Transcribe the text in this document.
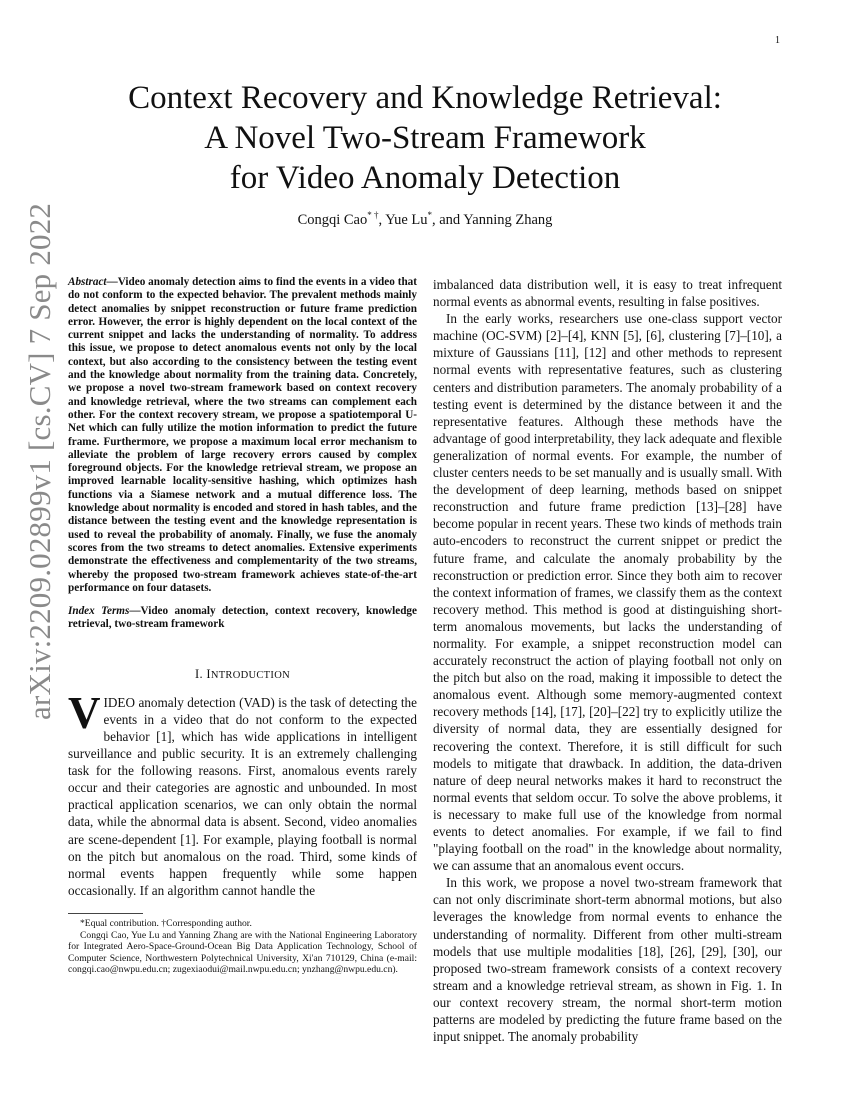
1
arXiv:2209.02899v1 [cs.CV] 7 Sep 2022
Context Recovery and Knowledge Retrieval:
A Novel Two-Stream Framework
for Video Anomaly Detection
Congqi Cao* †, Yue Lu*, and Yanning Zhang

Abstract—Video anomaly detection aims to find the events in a video that do not conform to the expected behavior. The prevalent methods mainly detect anomalies by snippet reconstruction or future frame prediction error. However, the error is highly dependent on the local context of the current snippet and lacks the understanding of normality. To address this issue, we propose to detect anomalous events not only by the local context, but also according to the consistency between the testing event and the knowledge about normality from the training data. Concretely, we propose a novel two-stream framework based on context recovery and knowledge retrieval, where the two streams can complement each other. For the context recovery stream, we propose a spatiotemporal U-Net which can fully utilize the motion information to predict the future frame. Furthermore, we propose a maximum local error mechanism to alleviate the problem of large recovery errors caused by complex foreground objects. For the knowledge retrieval stream, we propose an improved learnable locality-sensitive hashing, which optimizes hash functions via a Siamese network and a mutual difference loss. The knowledge about normality is encoded and stored in hash tables, and the distance between the testing event and the knowledge representation is used to reveal the probability of anomaly. Finally, we fuse the anomaly scores from the two streams to detect anomalies. Extensive experiments demonstrate the effectiveness and complementarity of the two streams, whereby the proposed two-stream framework achieves state-of-the-art performance on four datasets.

Index Terms—Video anomaly detection, context recovery, knowledge retrieval, two-stream framework

I. INTRODUCTION

VIDEO anomaly detection (VAD) is the task of detecting the events in a video that do not conform to the expected behavior [1], which has wide applications in intelligent surveillance and public security. It is an extremely challenging task for the following reasons. First, anomalous events rarely occur and their categories are agnostic and unbounded. In most practical application scenarios, we can only obtain the normal data, while the abnormal data is absent. Second, video anomalies are scene-dependent [1]. For example, playing football is normal on the pitch but anomalous on the road. Third, some kinds of normal events happen frequently while some happen occasionally. If an algorithm cannot handle the

*Equal contribution. †Corresponding author.

Congqi Cao, Yue Lu and Yanning Zhang are with the National Engineering Laboratory for Integrated Aero-Space-Ground-Ocean Big Data Application Technology, School of Computer Science, Northwestern Polytechnical University, Xi'an 710129, China (e-mail: congqi.cao@nwpu.edu.cn; zugexiaodui@mail.nwpu.edu.cn; ynzhang@nwpu.edu.cn).

imbalanced data distribution well, it is easy to treat infrequent normal events as abnormal events, resulting in false positives.

In the early works, researchers use one-class support vector machine (OC-SVM) [2]–[4], KNN [5], [6], clustering [7]–[10], a mixture of Gaussians [11], [12] and other methods to represent normal events with representative features, such as clustering centers and distribution parameters. The anomaly probability of a testing event is determined by the distance between it and the representative features. Although these methods have the advantage of good interpretability, they lack adequate and flexible generalization of normal events. For example, the number of cluster centers needs to be set manually and is usually small. With the development of deep learning, methods based on snippet reconstruction and future frame prediction [13]–[28] have become popular in recent years. These two kinds of methods train auto-encoders to reconstruct the current snippet or predict the future frame, and calculate the anomaly probability by the reconstruction or prediction error. Since they both aim to recover the context information of frames, we classify them as the context recovery method. This method is good at distinguishing short-term anomalous movements, but lacks the understanding of normality. For example, a snippet reconstruction model can accurately reconstruct the action of playing football not only on the pitch but also on the road, making it impossible to detect the anomalous event. Although some memory-augmented context recovery methods [14], [17], [20]–[22] try to explicitly utilize the diversity of normal data, they are essentially designed for recovering the context. Therefore, it is still difficult for such models to mitigate that drawback. In addition, the data-driven nature of deep neural networks makes it hard to reconstruct the normal events that seldom occur. To solve the above problems, it is necessary to make full use of the knowledge from normal events to detect anomalies. For example, if we fail to find "playing football on the road" in the knowledge about normality, we can assume that an anomalous event occurs.

In this work, we propose a novel two-stream framework that can not only discriminate short-term abnormal motions, but also leverages the knowledge from normal events to enhance the understanding of normality. Different from other multi-stream models that use multiple modalities [18], [26], [29], [30], our proposed two-stream framework consists of a context recovery stream and a knowledge retrieval stream, as shown in Fig. 1. In our context recovery stream, the normal short-term motion patterns are modeled by predicting the future frame based on the input snippet. The anomaly probability
